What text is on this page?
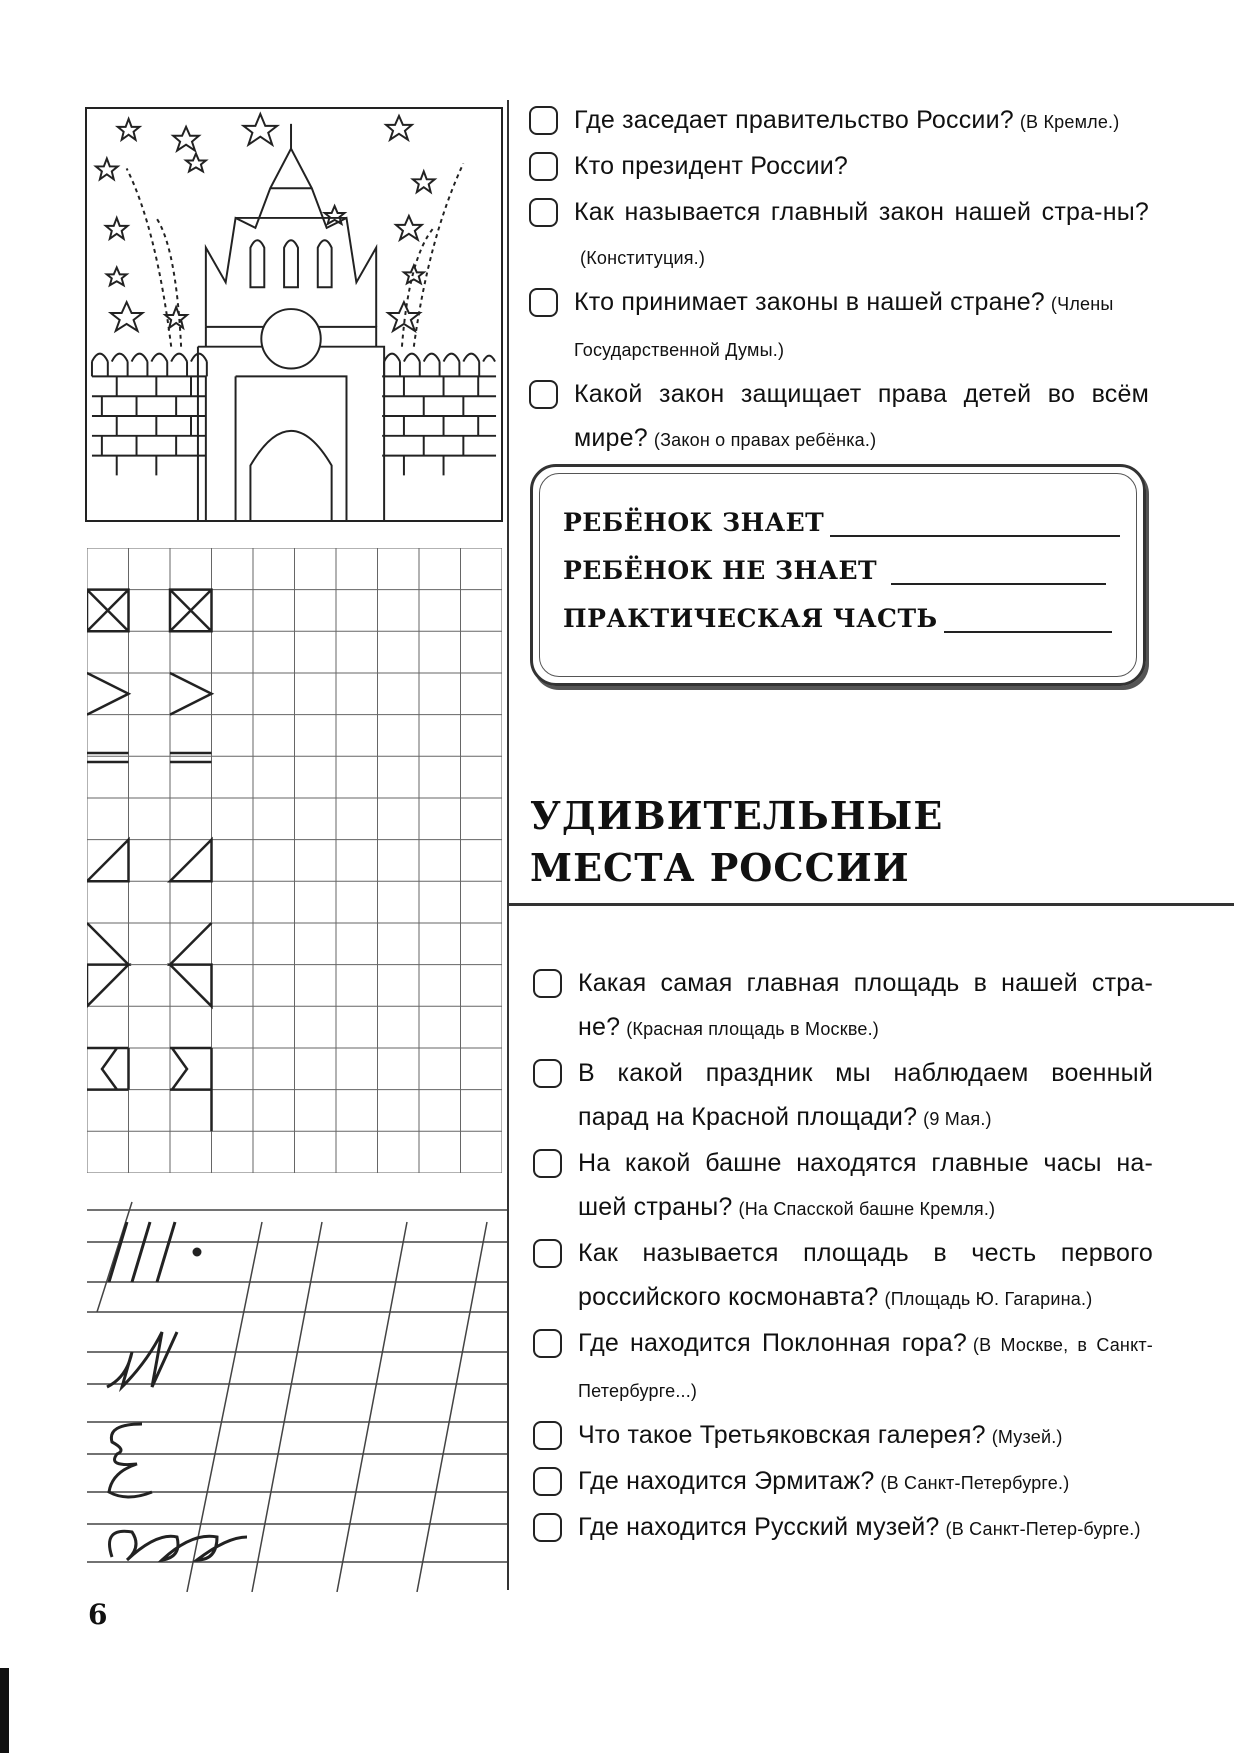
Где заседает правительство России? (В Кремле.)
Кто президент России?
Как называется главный закон нашей стра-ны?(Конституция.)
Кто принимает законы в нашей стране? (Члены Государственной Думы.)
Какой закон защищает права детей во всём мире? (Закон о правах ребёнка.)
РЕБЁНОК ЗНАЕТ
РЕБЁНОК НЕ ЗНАЕТ
ПРАКТИЧЕСКАЯ ЧАСТЬ
УДИВИТЕЛЬНЫЕ
МЕСТА РОССИИ
Какая самая главная площадь в нашей стра-не? (Красная площадь в Москве.)
В какой праздник мы наблюдаем военный парад на Красной площади? (9 Мая.)
На какой башне находятся главные часы на-шей страны? (На Спасской башне Кремля.)
Как называется площадь в честь первого российского космонавта? (Площадь Ю. Гагарина.)
Где находится Поклонная гора? (В Москве, в Санкт-Петербурге...)
Что такое Третьяковская галерея? (Музей.)
Где находится Эрмитаж? (В Санкт-Петербурге.)
Где находится Русский музей? (В Санкт-Петер-бурге.)
6
